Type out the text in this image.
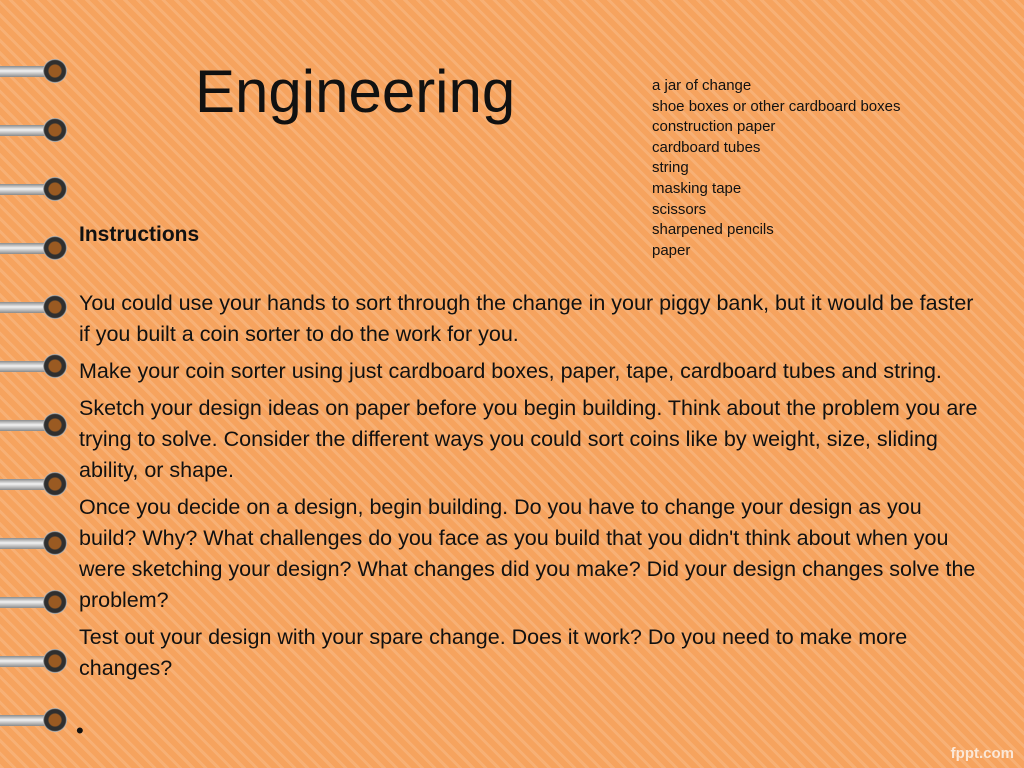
Engineering	a jar of change
shoe boxes or other cardboard boxes
construction paper
cardboard tubes
string
masking tape
scissors
sharpened pencils
paper
Instructions
You could use your hands to sort through the change in your piggy bank, but it would be faster if you built a coin sorter to do the work for you.
Make your coin sorter using just cardboard boxes, paper, tape, cardboard tubes and string.
Sketch your design ideas on paper before you begin building. Think about the problem you are trying to solve. Consider the different ways you could sort coins like by weight, size, sliding ability, or shape.
Once you decide on a design, begin building. Do you have to change your design as you build? Why? What challenges do you face as you build that you didn't think about when you were sketching your design? What changes did you make? Did your design changes solve the problem?
Test out your design with your spare change. Does it work? Do you need to make more changes?
•
fppt.com
